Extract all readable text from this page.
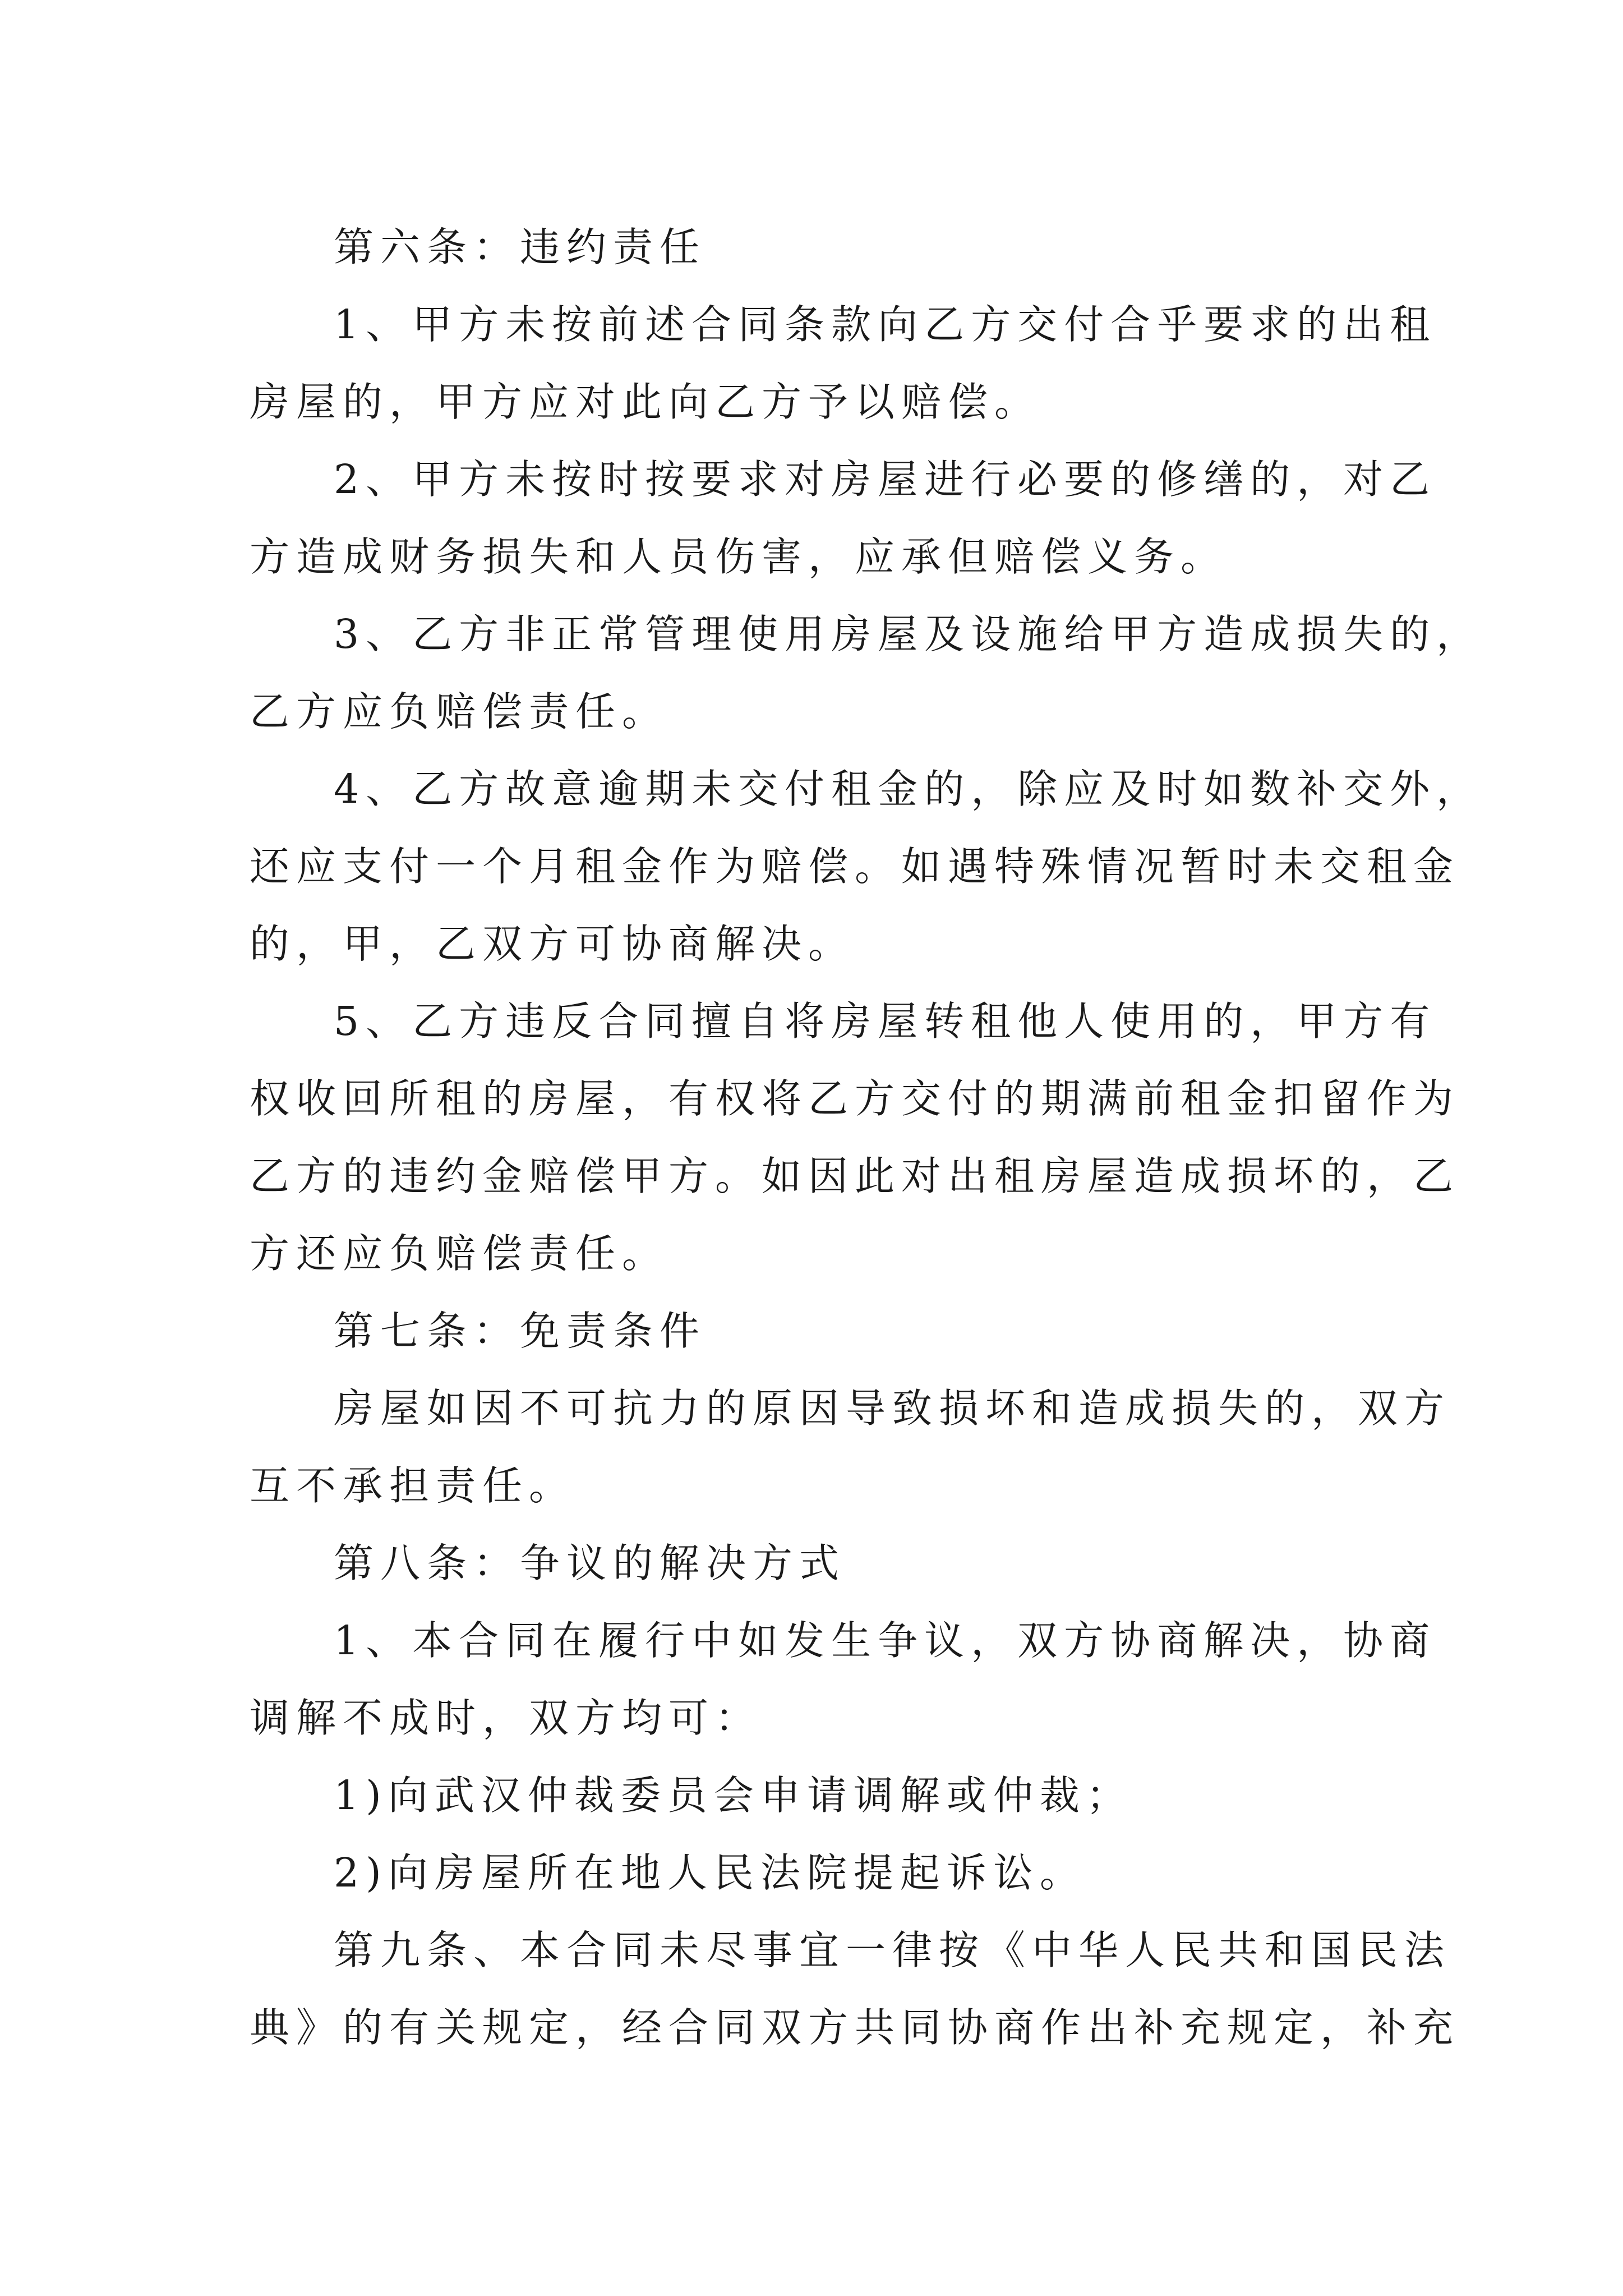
第六条：违约责任
1、甲方未按前述合同条款向乙方交付合乎要求的出租
房屋的，甲方应对此向乙方予以赔偿。
2、甲方未按时按要求对房屋进行必要的修缮的，对乙
方造成财务损失和人员伤害，应承但赔偿义务。
3、乙方非正常管理使用房屋及设施给甲方造成损失的，
乙方应负赔偿责任。
4、乙方故意逾期未交付租金的，除应及时如数补交外，
还应支付一个月租金作为赔偿。如遇特殊情况暂时未交租金
的，甲，乙双方可协商解决。
5、乙方违反合同擅自将房屋转租他人使用的，甲方有
权收回所租的房屋，有权将乙方交付的期满前租金扣留作为
乙方的违约金赔偿甲方。如因此对出租房屋造成损坏的，乙
方还应负赔偿责任。
第七条：免责条件
房屋如因不可抗力的原因导致损坏和造成损失的，双方
互不承担责任。
第八条：争议的解决方式
1、本合同在履行中如发生争议，双方协商解决，协商
调解不成时，双方均可：
1)向武汉仲裁委员会申请调解或仲裁；
2)向房屋所在地人民法院提起诉讼。
第九条、本合同未尽事宜一律按《中华人民共和国民法
典》的有关规定，经合同双方共同协商作出补充规定，补充
